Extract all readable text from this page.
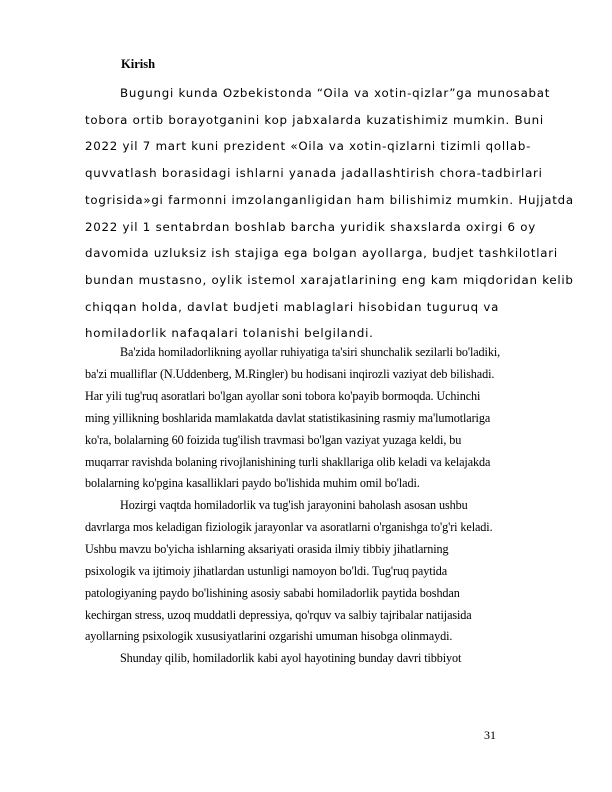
Kirish

Bugungi kunda Ozbekistonda “Oila va xotin-qizlar”ga munosabat
tobora ortib borayotganini kop jabxalarda kuzatishimiz mumkin. Buni
2022 yil 7 mart kuni prezident «Oila va xotin-qizlarni tizimli qollab-
quvvatlash borasidagi ishlarni yanada jadallashtirish chora-tadbirlari
togrisida»gi farmonni imzolanganligidan ham bilishimiz mumkin. Hujjatda
2022 yil 1 sentabrdan boshlab barcha yuridik shaxslarda oxirgi 6 oy
davomida uzluksiz ish stajiga ega bolgan ayollarga, budjet tashkilotlari
bundan mustasno, oylik istemol xarajatlarining eng kam miqdoridan kelib
chiqqan holda, davlat budjeti mablaglari hisobidan tuguruq va
homiladorlik nafaqalari tolanishi belgilandi.

Ba'zida homiladorlikning ayollar ruhiyatiga ta'siri shunchalik sezilarli bo'ladiki,
ba'zi mualliflar (N.Uddenberg, M.Ringler) bu hodisani inqirozli vaziyat deb bilishadi.
Har yili tug'ruq asoratlari bo'lgan ayollar soni tobora ko'payib bormoqda. Uchinchi
ming yillikning boshlarida mamlakatda davlat statistikasining rasmiy ma'lumotlariga
ko'ra, bolalarning 60 foizida tug'ilish travmasi bo'lgan vaziyat yuzaga keldi, bu
muqarrar ravishda bolaning rivojlanishining turli shakllariga olib keladi va kelajakda
bolalarning ko'pgina kasalliklari paydo bo'lishida muhim omil bo'ladi.

Hozirgi vaqtda homiladorlik va tug'ish jarayonini baholash asosan ushbu
davrlarga mos keladigan fiziologik jarayonlar va asoratlarni o'rganishga to'g'ri keladi.
Ushbu mavzu bo'yicha ishlarning aksariyati orasida ilmiy tibbiy jihatlarning
psixologik va ijtimoiy jihatlardan ustunligi namoyon bo'ldi. Tug'ruq paytida
patologiyaning paydo bo'lishining asosiy sababi homiladorlik paytida boshdan
kechirgan stress, uzoq muddatli depressiya, qo'rquv va salbiy tajribalar natijasida
ayollarning psixologik xususiyatlarini ozgarishi umuman hisobga olinmaydi.

Shunday qilib, homiladorlik kabi ayol hayotining bunday davri tibbiyot

31
